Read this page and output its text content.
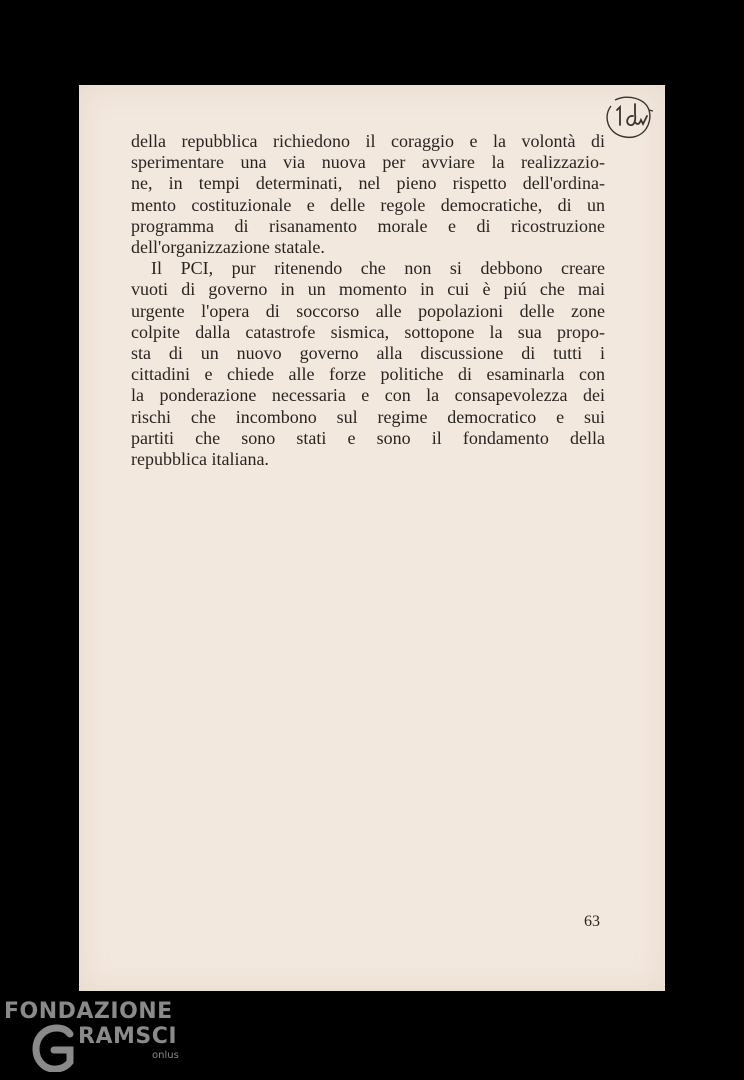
della repubblica richiedono il coraggio e la volontà di
sperimentare una via nuova per avviare la realizzazio-
ne, in tempi determinati, nel pieno rispetto dell'ordina-
mento costituzionale e delle regole democratiche, di un
programma di risanamento morale e di ricostruzione
dell'organizzazione statale.

Il PCI, pur ritenendo che non si debbono creare
vuoti di governo in un momento in cui è piú che mai
urgente l'opera di soccorso alle popolazioni delle zone
colpite dalla catastrofe sismica, sottopone la sua propo-
sta di un nuovo governo alla discussione di tutti i
cittadini e chiede alle forze politiche di esaminarla con
la ponderazione necessaria e con la consapevolezza dei
rischi che incombono sul regime democratico e sui
partiti che sono stati e sono il fondamento della
repubblica italiana.

63
FONDAZIONE
RAMSCI
onlus
